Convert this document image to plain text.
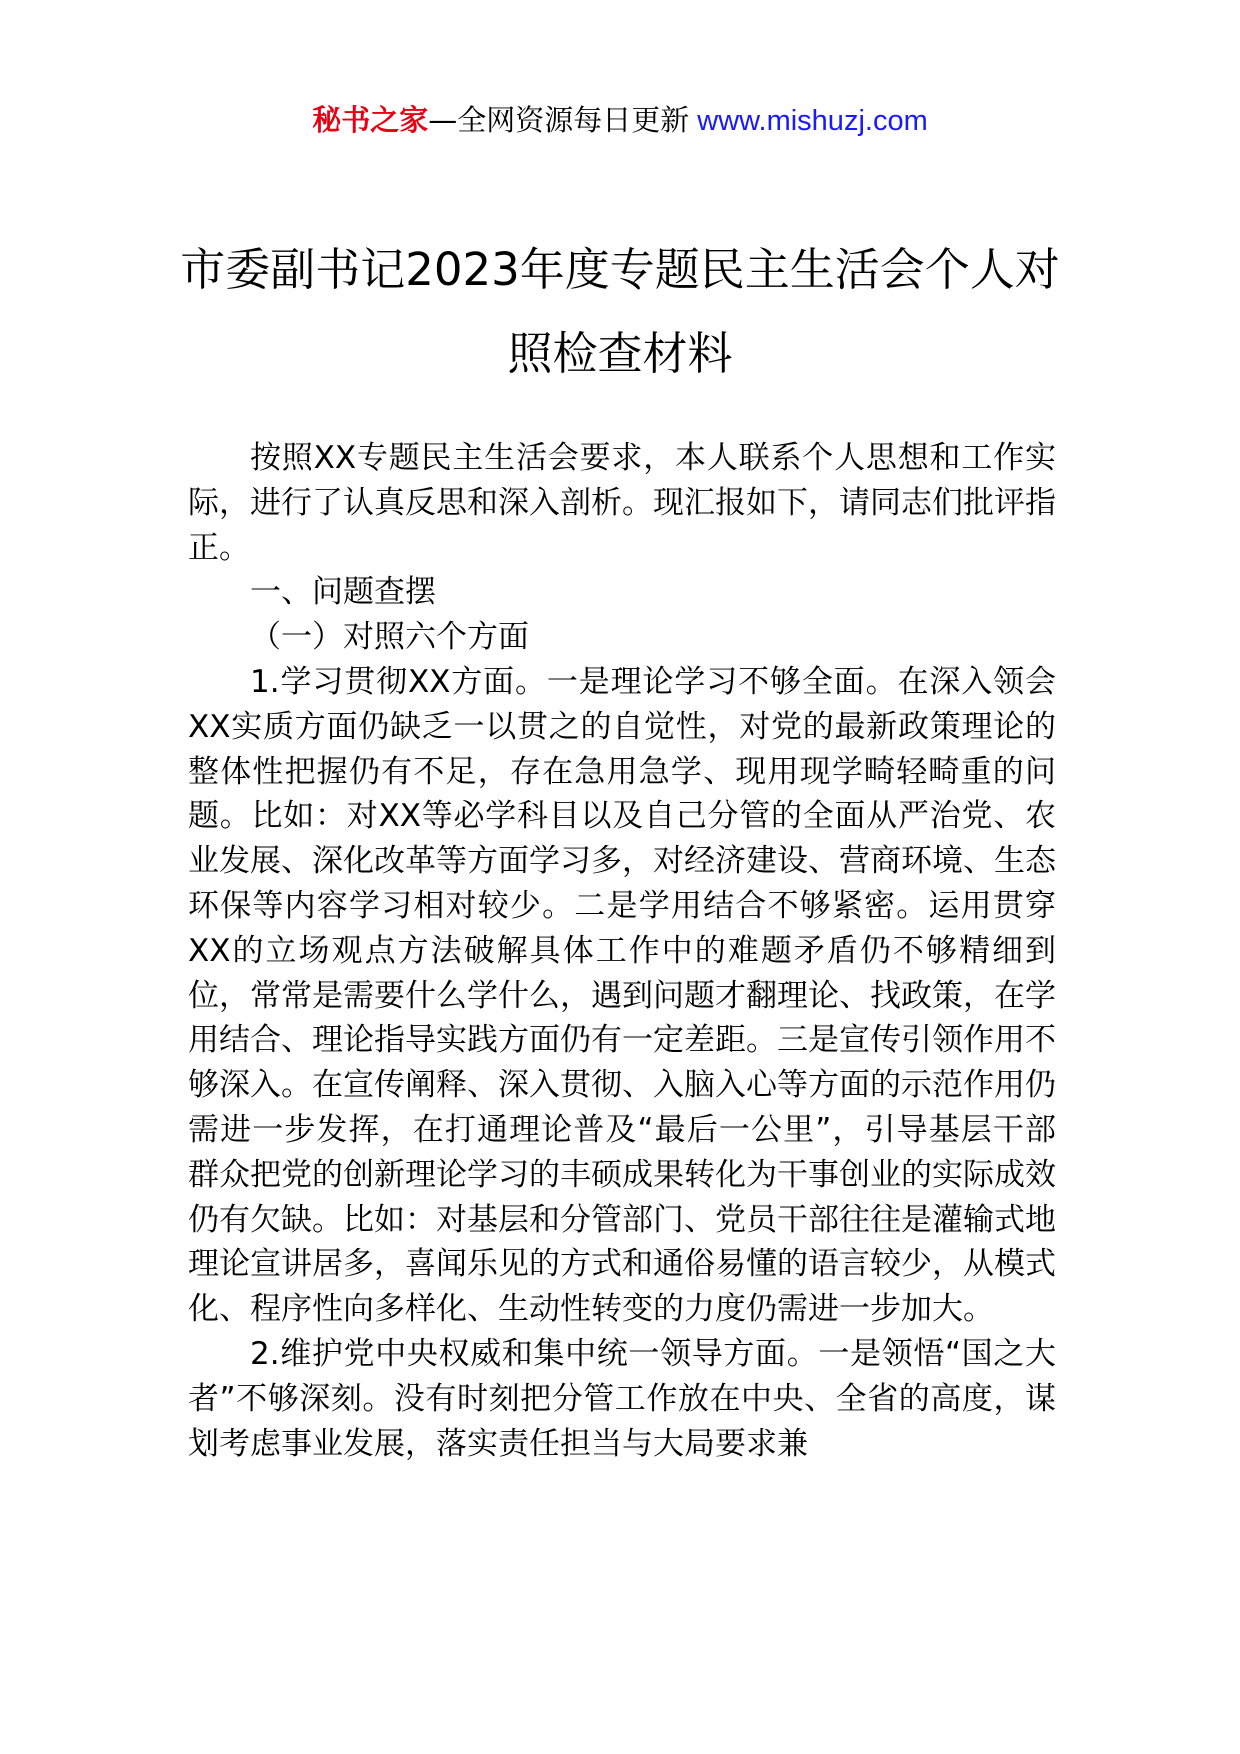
秘书之家—全网资源每日更新 www.mishuzj.com
市委副书记2023年度专题民主生活会个人对照检查材料

按照XX专题民主生活会要求，本人联系个人思想和工作实际，进行了认真反思和深入剖析。现汇报如下，请同志们批评指正。

一、问题查摆

（一）对照六个方面

1.学习贯彻XX方面。一是理论学习不够全面。在深入领会XX实质方面仍缺乏一以贯之的自觉性，对党的最新政策理论的整体性把握仍有不足，存在急用急学、现用现学畸轻畸重的问题。比如：对XX等必学科目以及自己分管的全面从严治党、农业发展、深化改革等方面学习多，对经济建设、营商环境、生态环保等内容学习相对较少。二是学用结合不够紧密。运用贯穿XX的立场观点方法破解具体工作中的难题矛盾仍不够精细到位，常常是需要什么学什么，遇到问题才翻理论、找政策，在学用结合、理论指导实践方面仍有一定差距。三是宣传引领作用不够深入。在宣传阐释、深入贯彻、入脑入心等方面的示范作用仍需进一步发挥，在打通理论普及“最后一公里”，引导基层干部群众把党的创新理论学习的丰硕成果转化为干事创业的实际成效仍有欠缺。比如：对基层和分管部门、党员干部往往是灌输式地理论宣讲居多，喜闻乐见的方式和通俗易懂的语言较少，从模式化、程序性向多样化、生动性转变的力度仍需进一步加大。

2.维护党中央权威和集中统一领导方面。一是领悟“国之大者”不够深刻。没有时刻把分管工作放在中央、全省的高度，谋划考虑事业发展，落实责任担当与大局要求兼
